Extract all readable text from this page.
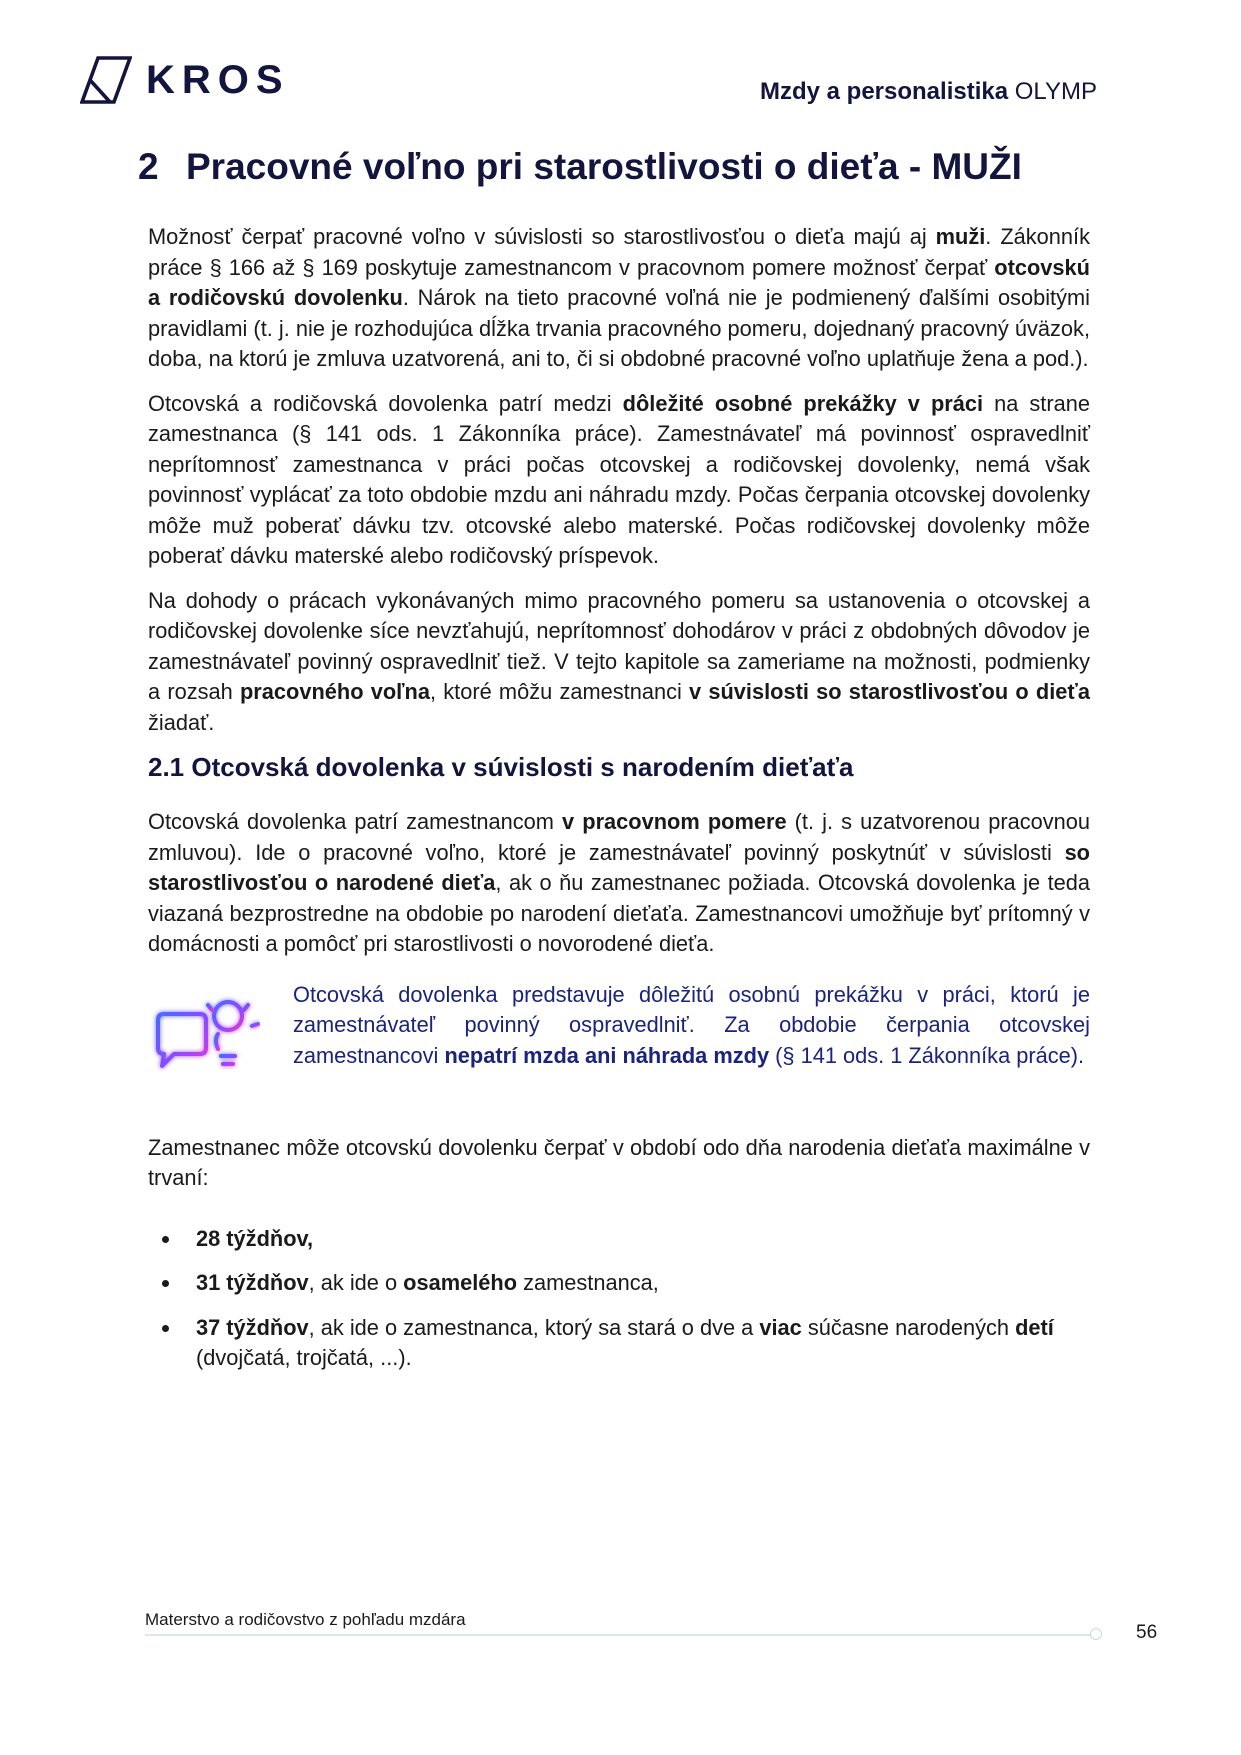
KROS	Mzdy a personalistika OLYMP
2 Pracovné voľno pri starostlivosti o dieťa - MUŽI

Možnosť čerpať pracovné voľno v súvislosti so starostlivosťou o dieťa majú aj muži. Zákonník práce § 166 až § 169 poskytuje zamestnancom v pracovnom pomere možnosť čerpať otcovskú a rodičovskú dovolenku. Nárok na tieto pracovné voľná nie je podmienený ďalšími osobitými pravidlami (t. j. nie je rozhodujúca dĺžka trvania pracovného pomeru, dojednaný pracovný úväzok, doba, na ktorú je zmluva uzatvorená, ani to, či si obdobné pracovné voľno uplatňuje žena a pod.).

Otcovská a rodičovská dovolenka patrí medzi dôležité osobné prekážky v práci na strane zamestnanca (§ 141 ods. 1 Zákonníka práce). Zamestnávateľ má povinnosť ospravedlniť neprítomnosť zamestnanca v práci počas otcovskej a rodičovskej dovolenky, nemá však povinnosť vyplácať za toto obdobie mzdu ani náhradu mzdy. Počas čerpania otcovskej dovolenky môže muž poberať dávku tzv. otcovské alebo materské. Počas rodičovskej dovolenky môže poberať dávku materské alebo rodičovský príspevok.

Na dohody o prácach vykonávaných mimo pracovného pomeru sa ustanovenia o otcovskej a rodičovskej dovolenke síce nevzťahujú, neprítomnosť dohodárov v práci z obdobných dôvodov je zamestnávateľ povinný ospravedlniť tiež. V tejto kapitole sa zameriame na možnosti, podmienky a rozsah pracovného voľna, ktoré môžu zamestnanci v súvislosti so starostlivosťou o dieťa žiadať.

2.1 Otcovská dovolenka v súvislosti s narodením dieťaťa

Otcovská dovolenka patrí zamestnancom v pracovnom pomere (t. j. s uzatvorenou pracovnou zmluvou). Ide o pracovné voľno, ktoré je zamestnávateľ povinný poskytnúť v súvislosti so starostlivosťou o narodené dieťa, ak o ňu zamestnanec požiada. Otcovská dovolenka je teda viazaná bezprostredne na obdobie po narodení dieťaťa. Zamestnancovi umožňuje byť prítomný v domácnosti a pomôcť pri starostlivosti o novorodené dieťa.

Otcovská dovolenka predstavuje dôležitú osobnú prekážku v práci, ktorú je zamestnávateľ povinný ospravedlniť. Za obdobie čerpania otcovskej zamestnancovi nepatrí mzda ani náhrada mzdy (§ 141 ods. 1 Zákonníka práce).

Zamestnanec môže otcovskú dovolenku čerpať v období odo dňa narodenia dieťaťa maximálne v trvaní:

28 týždňov,
31 týždňov, ak ide o osamelého zamestnanca,
37 týždňov, ak ide o zamestnanca, ktorý sa stará o dve a viac súčasne narodených detí (dvojčatá, trojčatá, ...).
Materstvo a rodičovstvo z pohľadu mzdára
56
